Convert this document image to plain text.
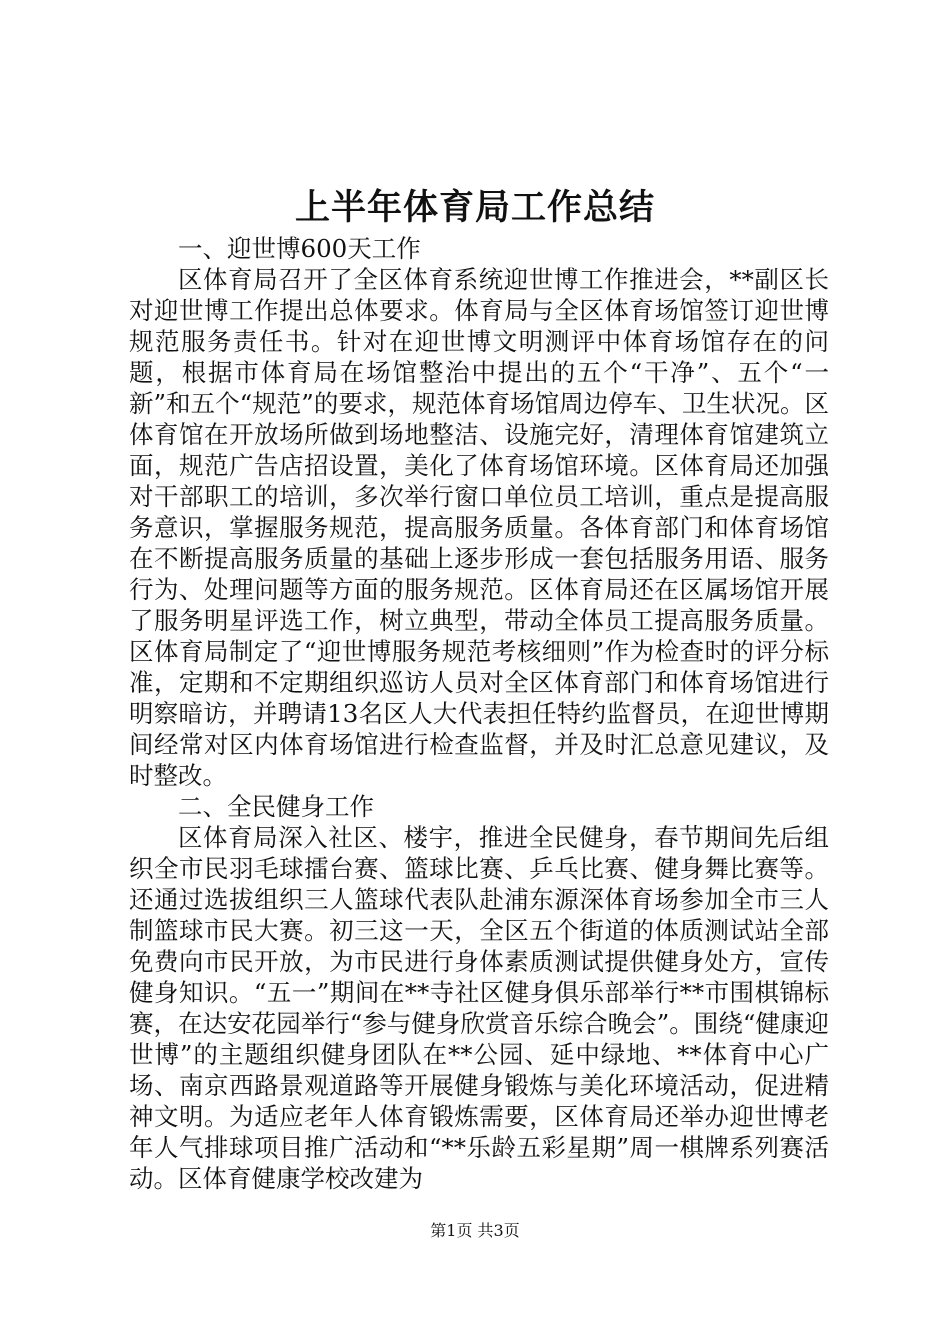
上半年体育局工作总结

一、迎世博600天工作

区体育局召开了全区体育系统迎世博工作推进会，**副区长对迎世博工作提出总体要求。体育局与全区体育场馆签订迎世博规范服务责任书。针对在迎世博文明测评中体育场馆存在的问题，根据市体育局在场馆整治中提出的五个“干净”、五个“一新”和五个“规范”的要求，规范体育场馆周边停车、卫生状况。区体育馆在开放场所做到场地整洁、设施完好，清理体育馆建筑立面，规范广告店招设置，美化了体育场馆环境。区体育局还加强对干部职工的培训，多次举行窗口单位员工培训，重点是提高服务意识，掌握服务规范，提高服务质量。各体育部门和体育场馆在不断提高服务质量的基础上逐步形成一套包括服务用语、服务行为、处理问题等方面的服务规范。区体育局还在区属场馆开展了服务明星评选工作，树立典型，带动全体员工提高服务质量。区体育局制定了“迎世博服务规范考核细则”作为检查时的评分标准，定期和不定期组织巡访人员对全区体育部门和体育场馆进行明察暗访，并聘请13名区人大代表担任特约监督员，在迎世博期间经常对区内体育场馆进行检查监督，并及时汇总意见建议，及时整改。

二、全民健身工作

区体育局深入社区、楼宇，推进全民健身，春节期间先后组织全市民羽毛球擂台赛、篮球比赛、乒乓比赛、健身舞比赛等。还通过选拔组织三人篮球代表队赴浦东源深体育场参加全市三人制篮球市民大赛。初三这一天，全区五个街道的体质测试站全部免费向市民开放，为市民进行身体素质测试提供健身处方，宣传健身知识。“五一”期间在**寺社区健身俱乐部举行**市围棋锦标赛，在达安花园举行“参与健身欣赏音乐综合晚会”。围绕“健康迎世博”的主题组织健身团队在**公园、延中绿地、**体育中心广场、南京西路景观道路等开展健身锻炼与美化环境活动，促进精神文明。为适应老年人体育锻炼需要，区体育局还举办迎世博老年人气排球项目推广活动和“**乐龄五彩星期”周一棋牌系列赛活动。区体育健康学校改建为

第1页 共3页
